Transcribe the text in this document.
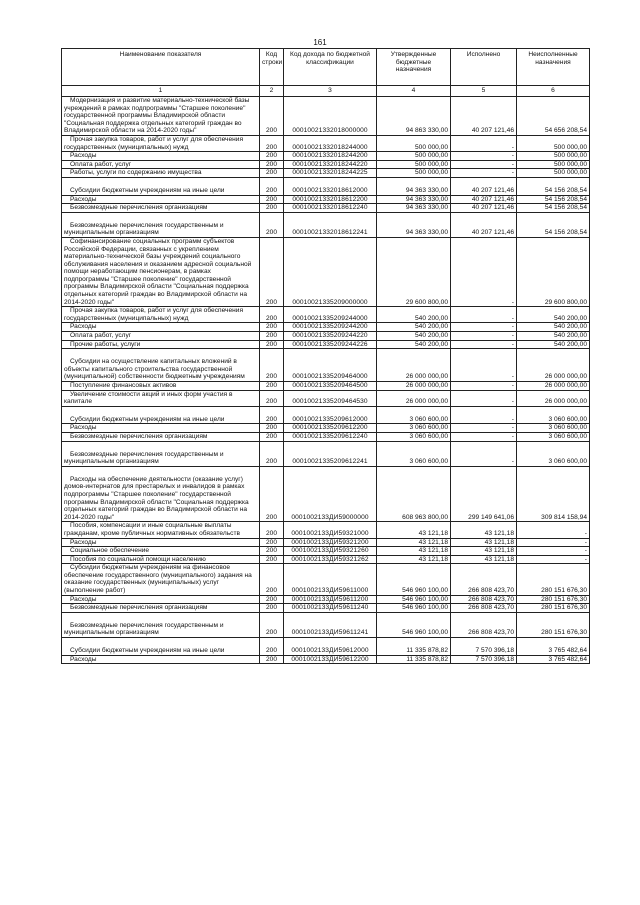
161
Наименование показателя	Код строки	Код дохода по бюджетной классификации	Утвержденные бюджетные назначения	Исполнено	Неисполненные назначения
1	2	3	4	5	6

Модернизация и развитие материально-технической базы учреждений в рамках подпрограммы "Старшее поколение" государственной программы Владимирской области "Социальная поддержка отдельных категорий граждан во Владимирской области на 2014-2020 годы"	200	00010021332018000000	94 863 330,00	40 207 121,46	54 656 208,54

Прочая закупка товаров, работ и услуг для обеспечения государственных (муниципальных) нужд	200	00010021332018244000	500 000,00	-	500 000,00

Расходы	200	00010021332018244200	500 000,00	-	500 000,00

Оплата работ, услуг	200	00010021332018244220	500 000,00	-	500 000,00

Работы, услуги по содержанию имущества	200	00010021332018244225	500 000,00	-	500 000,00

Субсидии бюджетным учреждениям на иные цели	200	00010021332018612000	94 363 330,00	40 207 121,46	54 156 208,54

Расходы	200	00010021332018612200	94 363 330,00	40 207 121,46	54 156 208,54

Безвозмездные перечисления организациям	200	00010021332018612240	94 363 330,00	40 207 121,46	54 156 208,54

Безвозмездные перечисления государственным и муниципальным организациям	200	00010021332018612241	94 363 330,00	40 207 121,46	54 156 208,54

Софинансирование социальных программ субъектов Российской Федерации, связанных с укреплением материально-технической базы учреждений социального обслуживания населения и оказанием адресной социальной помощи неработающим пенсионерам, в рамках подпрограммы "Старшее поколение" государственной программы Владимирской области "Социальная поддержка отдельных категорий граждан во Владимирской области на 2014-2020 годы"	200	00010021335209000000	29 600 800,00	-	29 600 800,00

Прочая закупка товаров, работ и услуг для обеспечения государственных (муниципальных) нужд	200	00010021335209244000	540 200,00	-	540 200,00

Расходы	200	00010021335209244200	540 200,00	-	540 200,00

Оплата работ, услуг	200	00010021335209244220	540 200,00	-	540 200,00

Прочие работы, услуги	200	00010021335209244226	540 200,00	-	540 200,00

Субсидии на осуществление капитальных вложений в объекты капитального строительства государственной (муниципальной) собственности бюджетным учреждениям	200	00010021335209464000	26 000 000,00	-	26 000 000,00

Поступление финансовых активов	200	00010021335209464500	26 000 000,00	-	26 000 000,00

Увеличение стоимости акций и иных форм участия в капитале	200	00010021335209464530	26 000 000,00	-	26 000 000,00

Субсидии бюджетным учреждениям на иные цели	200	00010021335209612000	3 060 600,00	-	3 060 600,00

Расходы	200	00010021335209612200	3 060 600,00	-	3 060 600,00

Безвозмездные перечисления организациям	200	00010021335209612240	3 060 600,00	-	3 060 600,00

Безвозмездные перечисления государственным и муниципальным организациям	200	00010021335209612241	3 060 600,00	-	3 060 600,00

Расходы на обеспечение деятельности (оказание услуг) домов-интернатов для престарелых и инвалидов в рамках подпрограммы "Старшее поколение" государственной программы Владимирской области "Социальная поддержка отдельных категорий граждан во Владимирской области на 2014-2020 годы"	200	0001002133ДИ59000000	608 963 800,00	299 149 641,06	309 814 158,94

Пособия, компенсации и иные социальные выплаты гражданам, кроме публичных нормативных обязательств	200	0001002133ДИ59321000	43 121,18	43 121,18	-

Расходы	200	0001002133ДИ59321200	43 121,18	43 121,18	-

Социальное обеспечение	200	0001002133ДИ59321260	43 121,18	43 121,18	-

Пособия по социальной помощи населению	200	0001002133ДИ59321262	43 121,18	43 121,18	-

Субсидии бюджетным учреждениям на финансовое обеспечение государственного (муниципального) задания на оказание государственных (муниципальных) услуг (выполнение работ)	200	0001002133ДИ59611000	546 960 100,00	266 808 423,70	280 151 676,30

Расходы	200	0001002133ДИ59611200	546 960 100,00	266 808 423,70	280 151 676,30

Безвозмездные перечисления организациям	200	0001002133ДИ59611240	546 960 100,00	266 808 423,70	280 151 676,30

Безвозмездные перечисления государственным и муниципальным организациям	200	0001002133ДИ59611241	546 960 100,00	266 808 423,70	280 151 676,30

Субсидии бюджетным учреждениям на иные цели	200	0001002133ДИ59612000	11 335 878,82	7 570 396,18	3 765 482,64

Расходы	200	0001002133ДИ59612200	11 335 878,82	7 570 396,18	3 765 482,64
